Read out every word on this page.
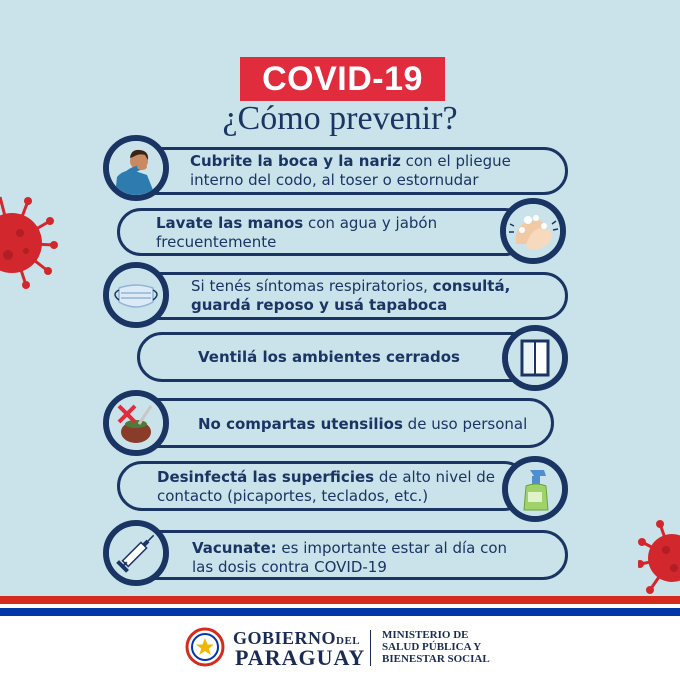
COVID-19
¿Cómo prevenir?
Cubrite la boca y la nariz con el pliegue
interno del codo, al toser o estornudar
Lavate las manos con agua y jabón
frecuentemente
Si tenés síntomas respiratorios, consultá,
guardá reposo y usá tapaboca
Ventilá los ambientes cerrados
No compartas utensilios de uso personal
Desinfectá las superficies de alto nivel de
contacto (picaportes, teclados, etc.)
Vacunate: es importante estar al día con
las dosis contra COVID-19
GOBIERNODEL
PARAGUAY
MINISTERIO DE
SALUD PÚBLICA Y
BIENESTAR SOCIAL
